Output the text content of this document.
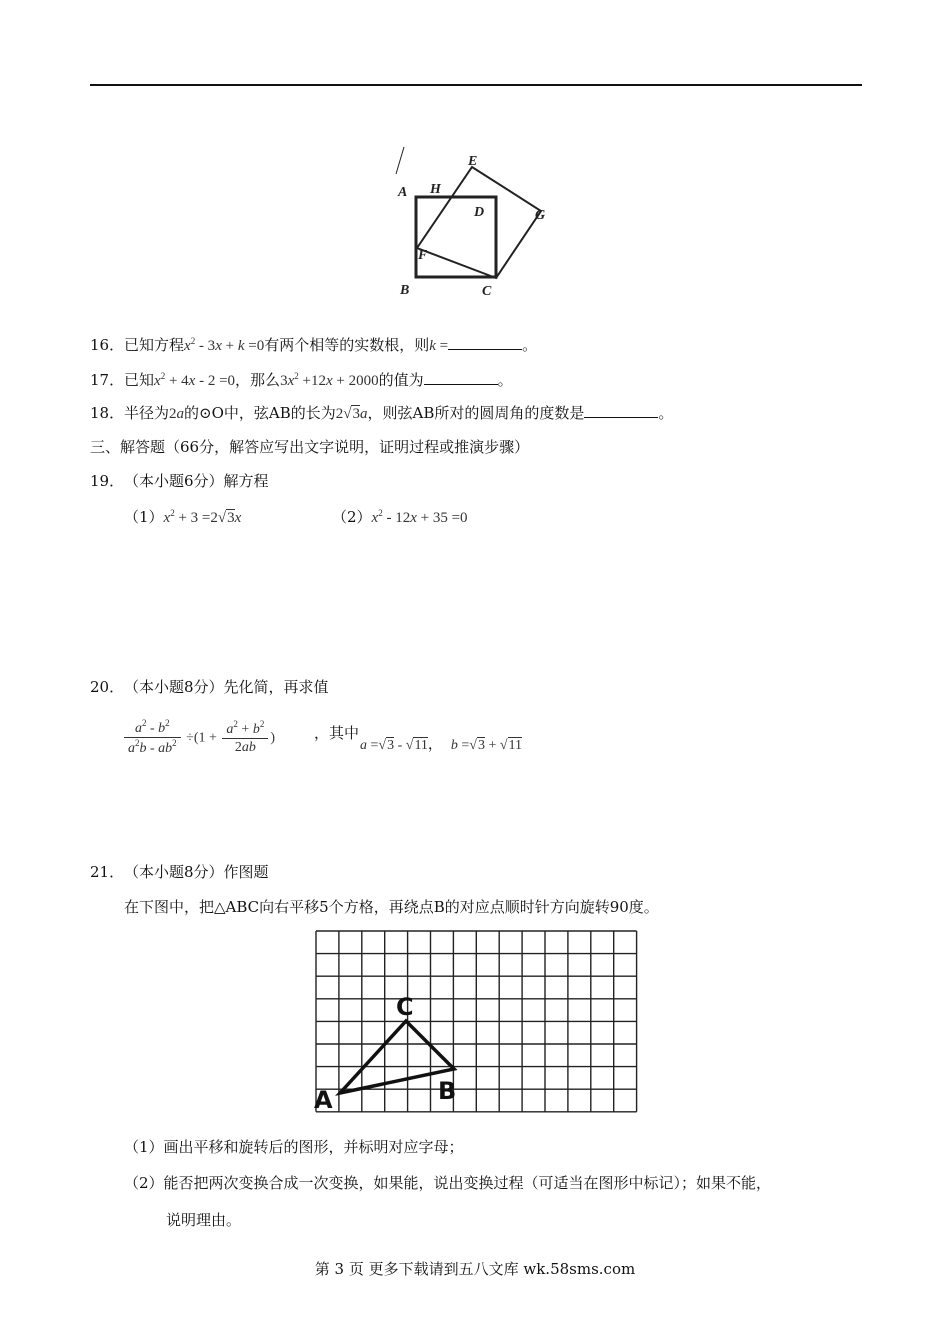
A H
E
D	G
F
B	C
16．已知方程$x^2 - 3x + k =0$有两个相等的实数根，则k =	。
17．已知$x^2 + 4x - 2 =0$，那么$3x^2 +12x + 2000$的值为	。
18．半径为2a的⊙O中，弦AB的长为2√3a，则弦AB所对的圆周角的度数是	。
三、解答题（66分，解答应写出文字说明，证明过程或推演步骤）
19．（本小题6分）解方程
$(1)x^2 + 3 =2√3x$	$(2)x^2 - 12x + 35 =0$
20．（本小题8分）先化简，再求值
$\frac{a^2 - b^2}{a^2b - ab^2} \div(1 + \frac{a^2 + b^2}{2ab}$ )	，其中
a =√3 - √11， b =√3 + √11
21．（本小题8分）作图题
在下图中，把△ABC向右平移5个方格，再绕点B的对应点顺时针方向旋转90度。
A	B
C
（1）画出平移和旋转后的图形，并标明对应字母；
（2）能否把两次变换合成一次变换，如果能，说出变换过程（可适当在图形中标记）；如果不能，
说明理由。
第 3 页 更多下载请到五八文库 wk.58sms.com
